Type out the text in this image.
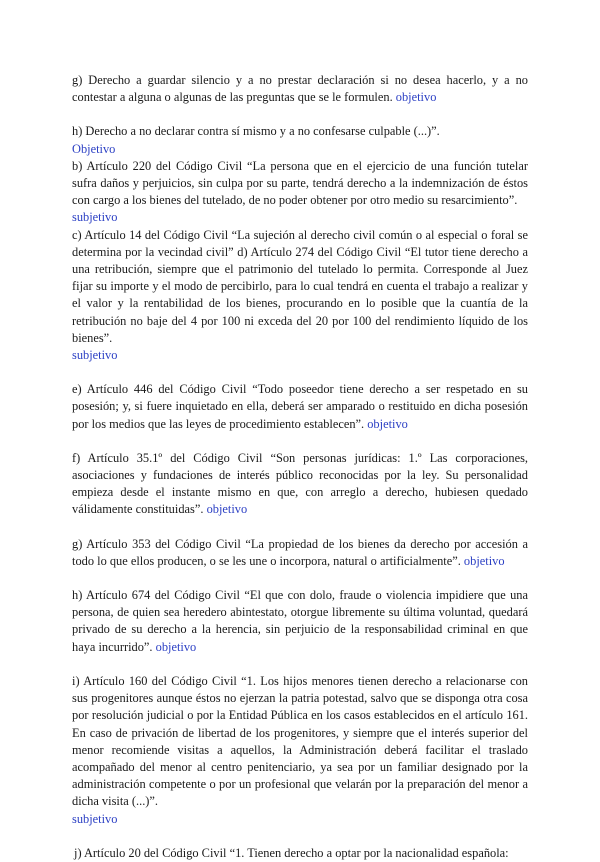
g) Derecho a guardar silencio y a no prestar declaración si no desea hacerlo, y a no contestar a alguna o algunas de las preguntas que se le formulen. objetivo

h) Derecho a no declarar contra sí mismo y a no confesarse culpable (...)”.
Objetivo

b) Artículo 220 del Código Civil “La persona que en el ejercicio de una función tutelar sufra daños y perjuicios, sin culpa por su parte, tendrá derecho a la indemnización de éstos con cargo a los bienes del tutelado, de no poder obtener por otro medio su resarcimiento”.
subjetivo

c) Artículo 14 del Código Civil “La sujeción al derecho civil común o al especial o foral se determina por la vecindad civil” d) Artículo 274 del Código Civil “El tutor tiene derecho a una retribución, siempre que el patrimonio del tutelado lo permita. Corresponde al Juez fijar su importe y el modo de percibirlo, para lo cual tendrá en cuenta el trabajo a realizar y el valor y la rentabilidad de los bienes, procurando en lo posible que la cuantía de la retribución no baje del 4 por 100 ni exceda del 20 por 100 del rendimiento líquido de los bienes”.
subjetivo

e) Artículo 446 del Código Civil “Todo poseedor tiene derecho a ser respetado en su posesión; y, si fuere inquietado en ella, deberá ser amparado o restituido en dicha posesión por los medios que las leyes de procedimiento establecen”. objetivo

f) Artículo 35.1º del Código Civil “Son personas jurídicas: 1.º Las corporaciones, asociaciones y fundaciones de interés público reconocidas por la ley. Su personalidad empieza desde el instante mismo en que, con arreglo a derecho, hubiesen quedado válidamente constituidas”. objetivo

g) Artículo 353 del Código Civil “La propiedad de los bienes da derecho por accesión a todo lo que ellos producen, o se les une o incorpora, natural o artificialmente”. objetivo

h) Artículo 674 del Código Civil “El que con dolo, fraude o violencia impidiere que una persona, de quien sea heredero abintestato, otorgue libremente su última voluntad, quedará privado de su derecho a la herencia, sin perjuicio de la responsabilidad criminal en que haya incurrido”. objetivo

i) Artículo 160 del Código Civil “1. Los hijos menores tienen derecho a relacionarse con sus progenitores aunque éstos no ejerzan la patria potestad, salvo que se disponga otra cosa por resolución judicial o por la Entidad Pública en los casos establecidos en el artículo 161. En caso de privación de libertad de los progenitores, y siempre que el interés superior del menor recomiende visitas a aquellos, la Administración deberá facilitar el traslado acompañado del menor al centro penitenciario, ya sea por un familiar designado por la administración competente o por un profesional que velarán por la preparación del menor a dicha visita (...)”.
subjetivo

j) Artículo 20 del Código Civil “1. Tienen derecho a optar por la nacionalidad española:
